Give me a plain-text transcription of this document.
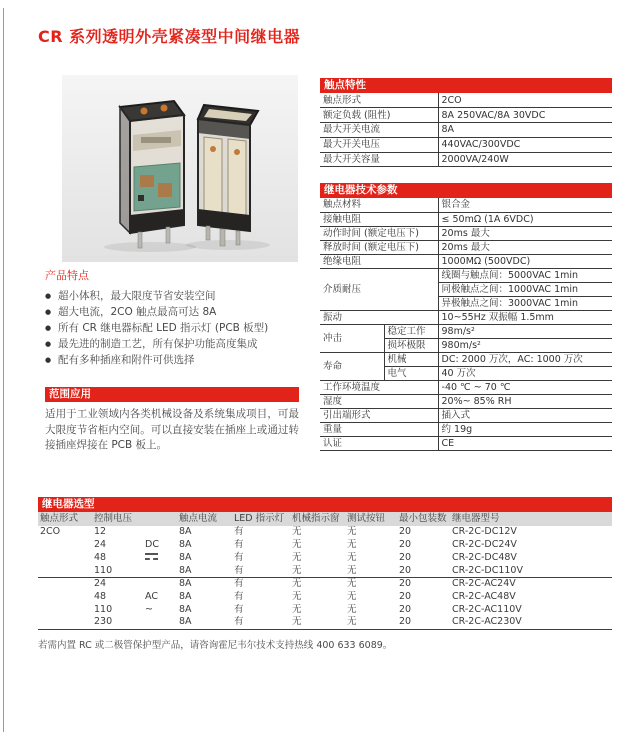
CR 系列透明外壳紧凑型中间继电器
产品特点
● 超小体积，最大限度节省安装空间
● 超大电流，2CO 触点最高可达 8A
● 所有 CR 继电器标配 LED 指示灯 (PCB 板型)
● 最先进的制造工艺，所有保护功能高度集成
● 配有多种插座和附件可供选择
范围应用

适用于工业领域内各类机械设备及系统集成项目，可最大限度节省柜内空间。可以直接安装在插座上或通过转接插座焊接在 PCB 板上。

触点特性
触点形式	2CO
额定负载 (阻性)	8A 250VAC/8A 30VDC
最大开关电流	8A
最大开关电压	440VAC/300VDC
最大开关容量	2000VA/240W
继电器技术参数
触点材料		银合金
接触电阻		≤ 50mΩ (1A 6VDC)
动作时间 (额定电压下)		20ms 最大
释放时间 (额定电压下)		20ms 最大
绝缘电阻		1000MΩ (500VDC)
介质耐压		线圈与触点间：5000VAC 1min
		同极触点之间：1000VAC 1min
		异极触点之间：3000VAC 1min
振动		10~55Hz 双振幅 1.5mm
冲击	稳定工作	98m/s²
	损坏极限	980m/s²
寿命	机械	DC: 2000 万次，AC: 1000 万次
	电气	40 万次
工作环境温度		-40 ℃ ~ 70 ℃
湿度		20%~ 85% RH
引出端形式		插入式
重量		约 19g
认证		CE
继电器选型
触点形式	控制电压		触点电流	LED 指示灯	机械指示窗	测试按钮	最小包装数	继电器型号
2CO	12		8A	有	无	无	20	CR-2C-DC12V
	24	DC	8A	有	无	无	20	CR-2C-DC24V
	48		8A	有	无	无	20	CR-2C-DC48V
	110		8A	有	无	无	20	CR-2C-DC110V
	24		8A	有	无	无	20	CR-2C-AC24V
	48	AC	8A	有	无	无	20	CR-2C-AC48V
	110	~	8A	有	无	无	20	CR-2C-AC110V
	230		8A	有	无	无	20	CR-2C-AC230V

若需内置 RC 或二极管保护型产品，请咨询霍尼韦尔技术支持热线 400 633 6089。
